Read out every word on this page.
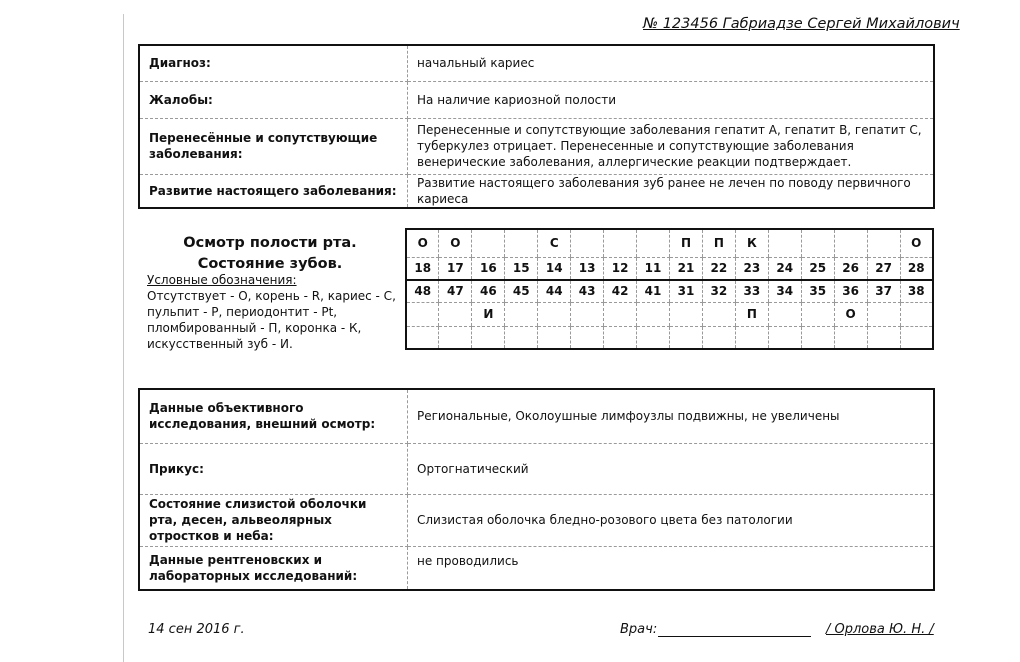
№ 123456 Габриадзе Сергей Михайлович
Диагноз:	начальный кариес
Жалобы:	На наличие кариозной полости
Перенесённые и сопутствующие заболевания:	Перенесенные и сопутствующие заболевания гепатит А, гепатит В, гепатит С, туберкулез отрицает. Перенесенные и сопутствующие заболевания венерические заболевания, аллергические реакции подтверждает.
Развитие настоящего заболевания:	Развитие настоящего заболевания зуб ранее не лечен по поводу первичного кариеса
Осмотр полости рта.
Состояние зубов.
Условные обозначения:
Отсутствует - О, корень - R, кариес - С, пульпит - Р, периодонтит - Pt, пломбированный - П, коронка - К, искусственный зуб - И.
О	О			С				П	П	К					О
18	17	16	15	14	13	12	11	21	22	23	24	25	26	27	28
48	47	46	45	44	43	42	41	31	32	33	34	35	36	37	38
		И								П			О		

Данные объективного исследования, внешний осмотр:	Региональные, Околоушные лимфоузлы подвижны, не увеличены
Прикус:	Ортогнатический
Состояние слизистой оболочки рта, десен, альвеолярных отростков и неба:	Слизистая оболочка бледно-розового цвета без патологии
Данные рентгеновских и лабораторных исследований:	не проводились
14 сен 2016 г.	Врач:	/ Орлова Ю. Н. /
